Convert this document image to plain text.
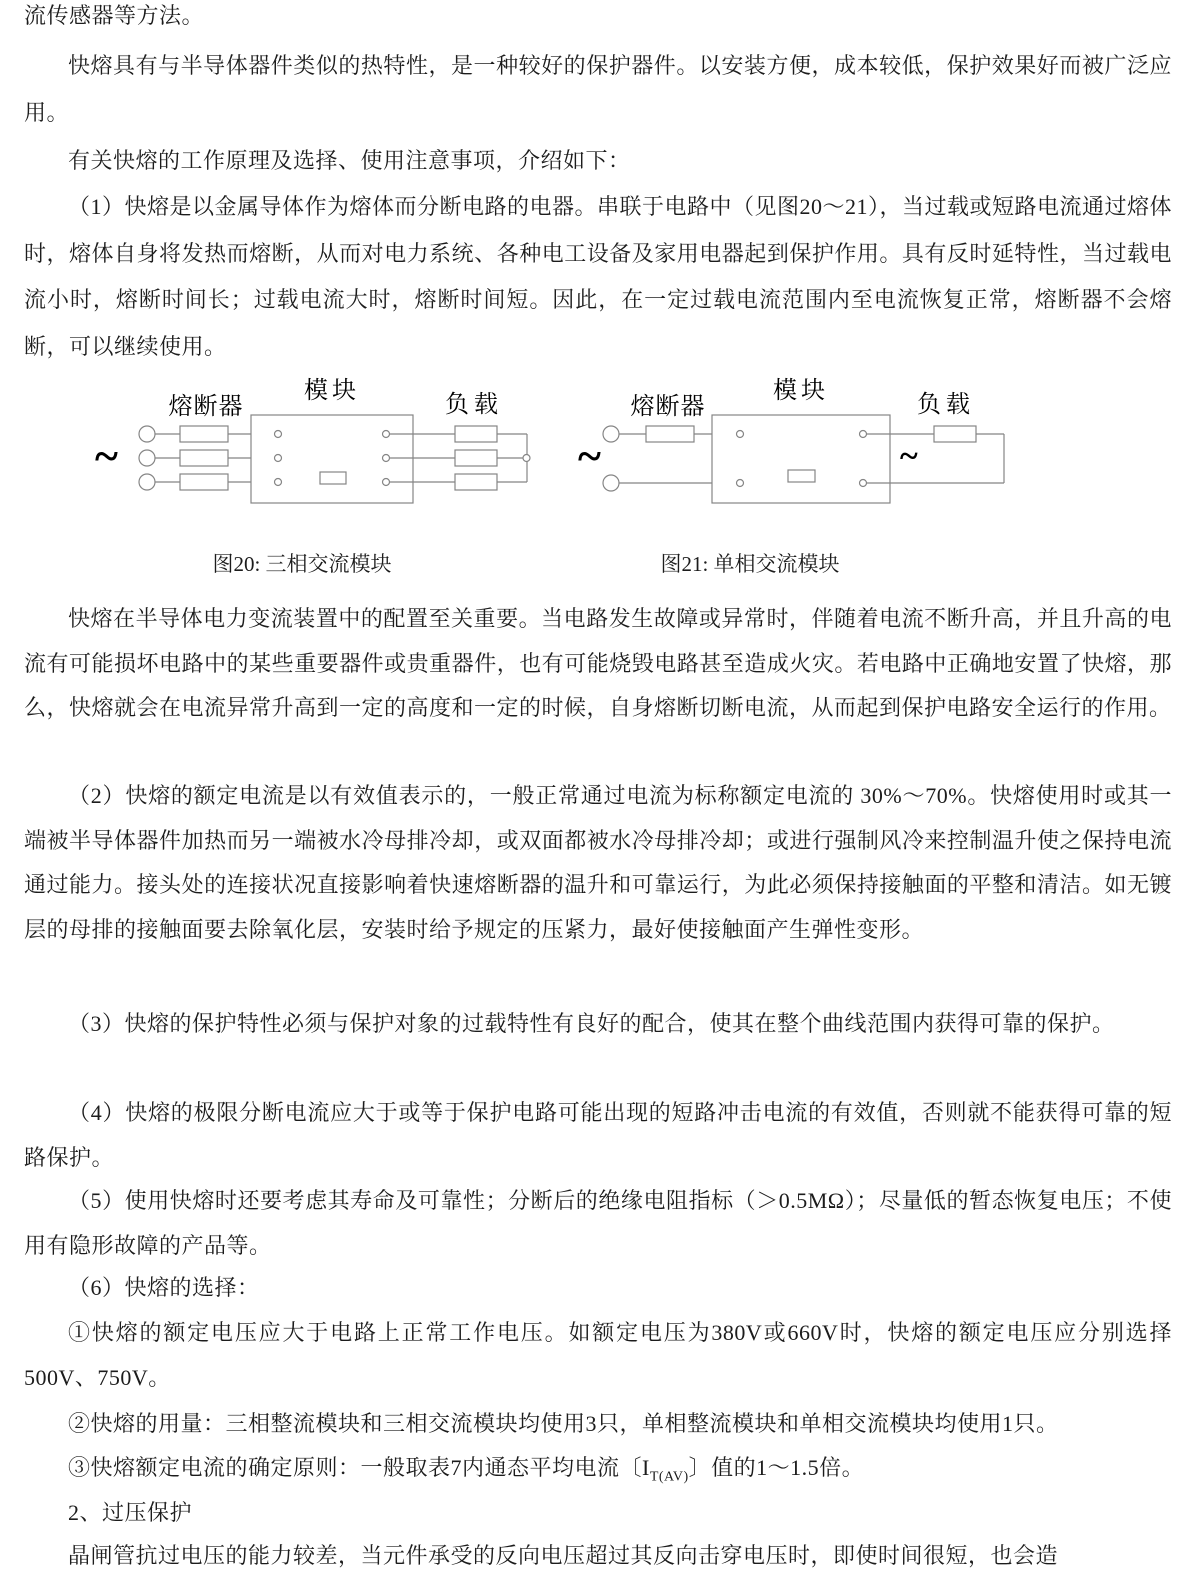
流传感器等方法。

快熔具有与半导体器件类似的热特性，是一种较好的保护器件。以安装方便，成本较低，保护效果好而被广泛应用。

有关快熔的工作原理及选择、使用注意事项，介绍如下：

（1）快熔是以金属导体作为熔体而分断电路的电器。串联于电路中（见图20～21），当过载或短路电流通过熔体时，熔体自身将发热而熔断，从而对电力系统、各种电工设备及家用电器起到保护作用。具有反时延特性，当过载电流小时，熔断时间长；过载电流大时，熔断时间短。因此，在一定过载电流范围内至电流恢复正常，熔断器不会熔断，可以继续使用。

~
熔断器
模块
负载
~	~
熔断器
模块
负载
图20: 三相交流模块	图21: 单相交流模块

快熔在半导体电力变流装置中的配置至关重要。当电路发生故障或异常时，伴随着电流不断升高，并且升高的电流有可能损坏电路中的某些重要器件或贵重器件，也有可能烧毁电路甚至造成火灾。若电路中正确地安置了快熔，那么，快熔就会在电流异常升高到一定的高度和一定的时候，自身熔断切断电流，从而起到保护电路安全运行的作用。

（2）快熔的额定电流是以有效值表示的，一般正常通过电流为标称额定电流的 30%～70%。快熔使用时或其一端被半导体器件加热而另一端被水冷母排冷却，或双面都被水冷母排冷却；或进行强制风冷来控制温升使之保持电流通过能力。接头处的连接状况直接影响着快速熔断器的温升和可靠运行，为此必须保持接触面的平整和清洁。如无镀层的母排的接触面要去除氧化层，安装时给予规定的压紧力，最好使接触面产生弹性变形。

（3）快熔的保护特性必须与保护对象的过载特性有良好的配合，使其在整个曲线范围内获得可靠的保护。

（4）快熔的极限分断电流应大于或等于保护电路可能出现的短路冲击电流的有效值，否则就不能获得可靠的短路保护。

（5）使用快熔时还要考虑其寿命及可靠性；分断后的绝缘电阻指标（＞0.5MΩ）；尽量低的暂态恢复电压；不使用有隐形故障的产品等。

（6）快熔的选择：

①快熔的额定电压应大于电路上正常工作电压。如额定电压为380V或660V时，快熔的额定电压应分别选择500V、750V。

②快熔的用量：三相整流模块和三相交流模块均使用3只，单相整流模块和单相交流模块均使用1只。

③快熔额定电流的确定原则：一般取表7内通态平均电流〔$I_{T(AV)}$〕值的1～1.5倍。

2、过压保护

晶闸管抗过电压的能力较差，当元件承受的反向电压超过其反向击穿电压时，即使时间很短，也会造
